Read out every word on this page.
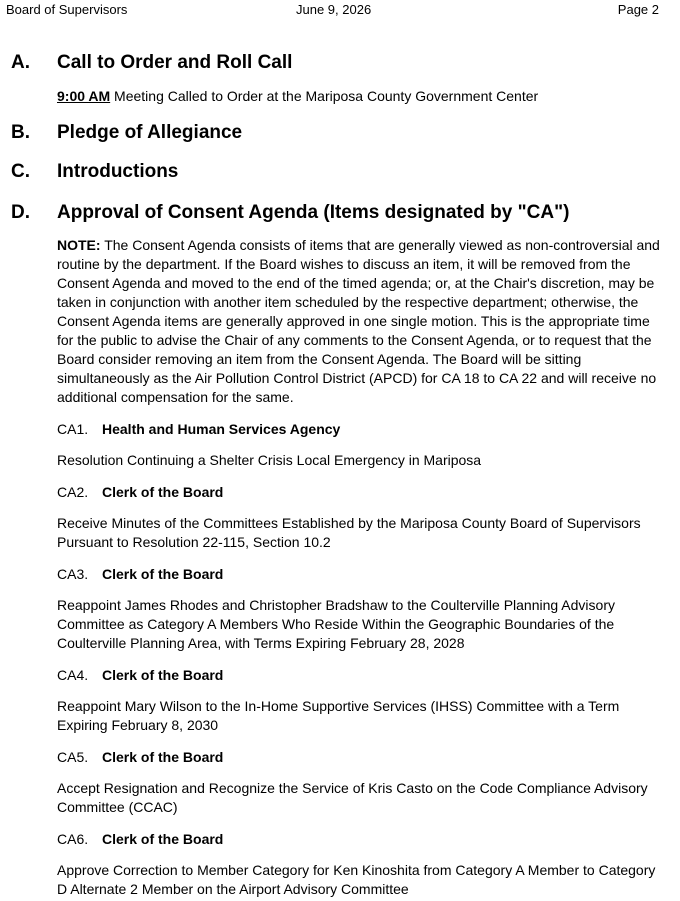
Board of Supervisors	June 9, 2026	Page 2
A. Call to Order and Roll Call
9:00 AM Meeting Called to Order at the Mariposa County Government Center
B. Pledge of Allegiance
C. Introductions
D. Approval of Consent Agenda (Items designated by "CA")
NOTE: The Consent Agenda consists of items that are generally viewed as non-controversial and routine by the department. If the Board wishes to discuss an item, it will be removed from the Consent Agenda and moved to the end of the timed agenda; or, at the Chair's discretion, may be taken in conjunction with another item scheduled by the respective department; otherwise, the Consent Agenda items are generally approved in one single motion. This is the appropriate time for the public to advise the Chair of any comments to the Consent Agenda, or to request that the Board consider removing an item from the Consent Agenda. The Board will be sitting simultaneously as the Air Pollution Control District (APCD) for CA 18 to CA 22 and will receive no additional compensation for the same.
CA1. Health and Human Services Agency
Resolution Continuing a Shelter Crisis Local Emergency in Mariposa
CA2. Clerk of the Board
Receive Minutes of the Committees Established by the Mariposa County Board of Supervisors Pursuant to Resolution 22-115, Section 10.2
CA3. Clerk of the Board
Reappoint James Rhodes and Christopher Bradshaw to the Coulterville Planning Advisory Committee as Category A Members Who Reside Within the Geographic Boundaries of the Coulterville Planning Area, with Terms Expiring February 28, 2028
CA4. Clerk of the Board
Reappoint Mary Wilson to the In-Home Supportive Services (IHSS) Committee with a Term Expiring February 8, 2030
CA5. Clerk of the Board
Accept Resignation and Recognize the Service of Kris Casto on the Code Compliance Advisory Committee (CCAC)
CA6. Clerk of the Board
Approve Correction to Member Category for Ken Kinoshita from Category A Member to Category D Alternate 2 Member on the Airport Advisory Committee
